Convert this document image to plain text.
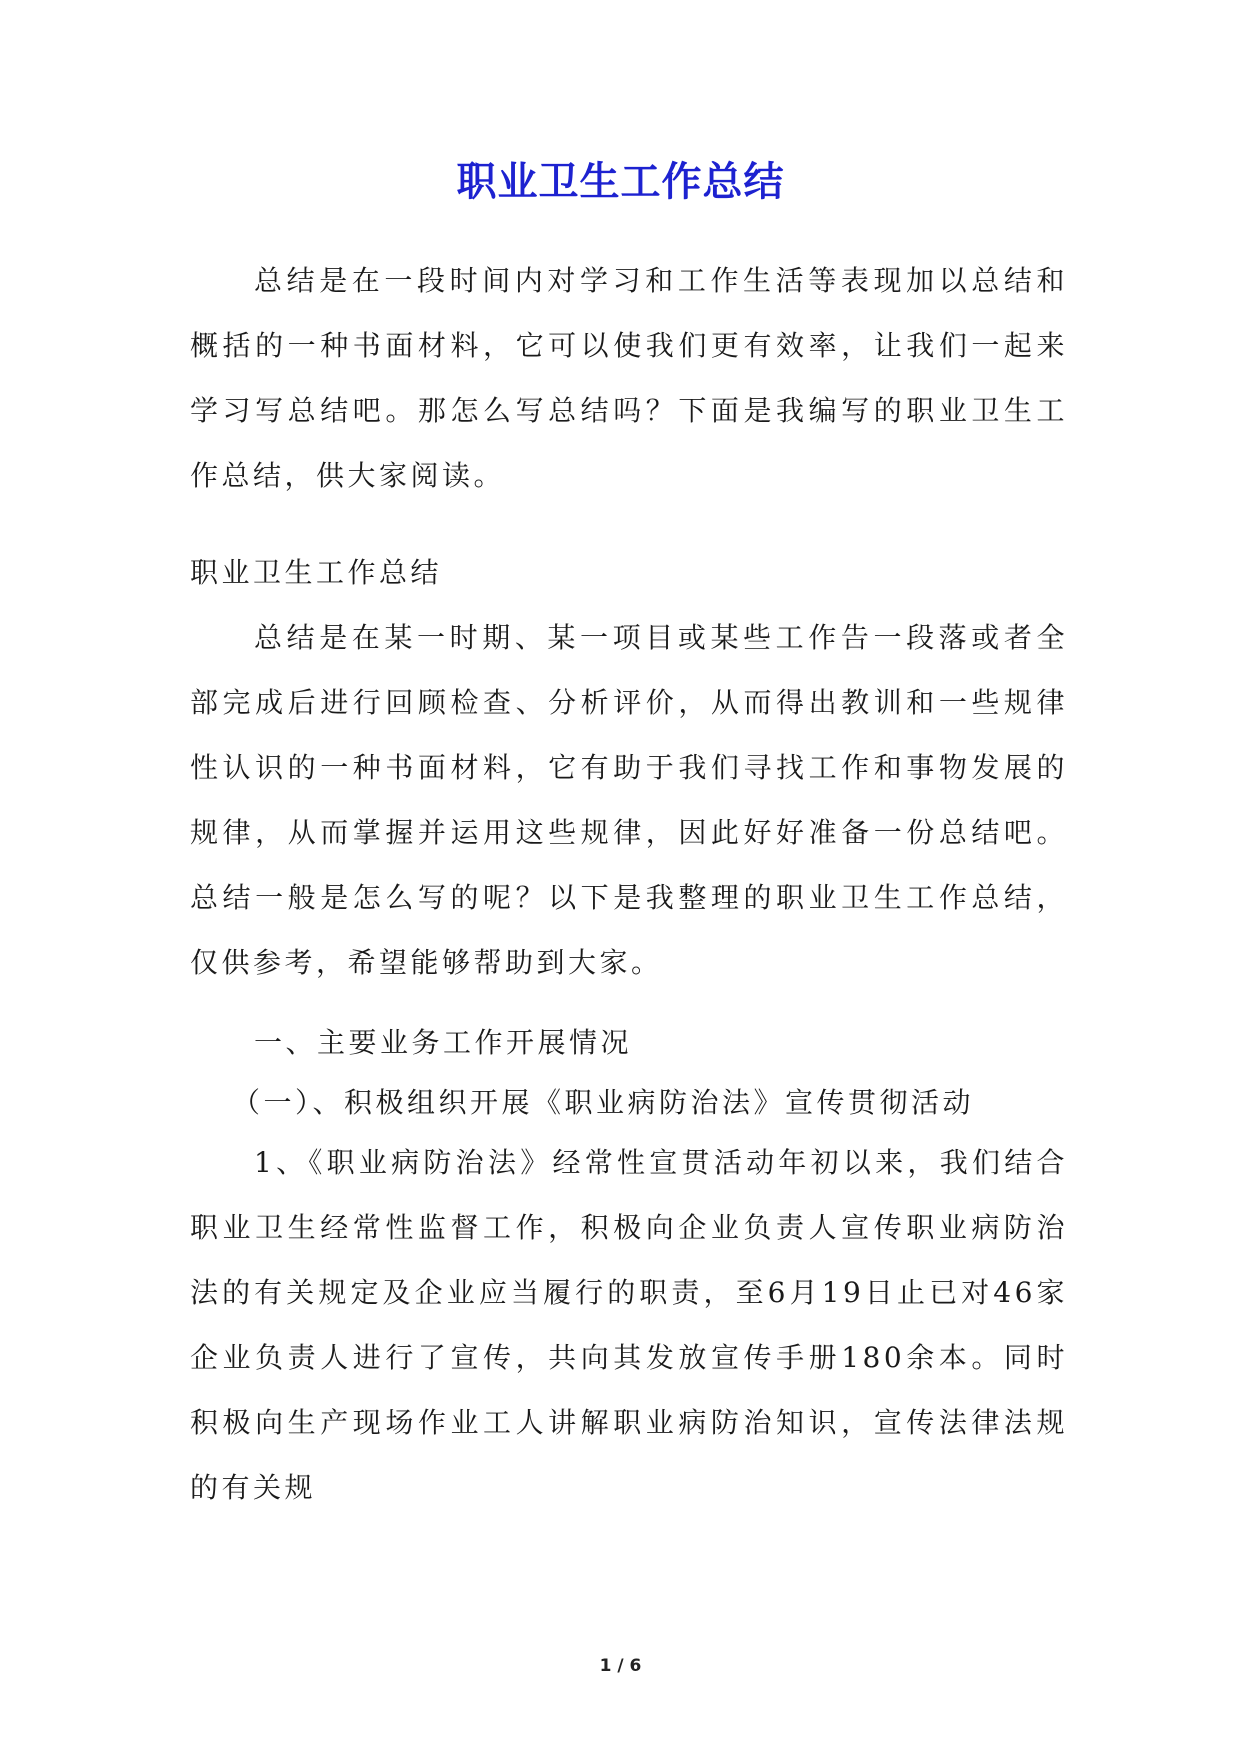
职业卫生工作总结

总结是在一段时间内对学习和工作生活等表现加以总结和概括的一种书面材料，它可以使我们更有效率，让我们一起来学习写总结吧。那怎么写总结吗？下面是我编写的职业卫生工作总结，供大家阅读。

职业卫生工作总结

总结是在某一时期、某一项目或某些工作告一段落或者全部完成后进行回顾检查、分析评价，从而得出教训和一些规律性认识的一种书面材料，它有助于我们寻找工作和事物发展的规律，从而掌握并运用这些规律，因此好好准备一份总结吧。总结一般是怎么写的呢？以下是我整理的职业卫生工作总结，仅供参考，希望能够帮助到大家。

一、主要业务工作开展情况

（一）、积极组织开展《职业病防治法》宣传贯彻活动

1、《职业病防治法》经常性宣贯活动年初以来，我们结合职业卫生经常性监督工作，积极向企业负责人宣传职业病防治法的有关规定及企业应当履行的职责，至6月19日止已对46家企业负责人进行了宣传，共向其发放宣传手册180余本。同时积极向生产现场作业工人讲解职业病防治知识，宣传法律法规的有关规

1 / 6
